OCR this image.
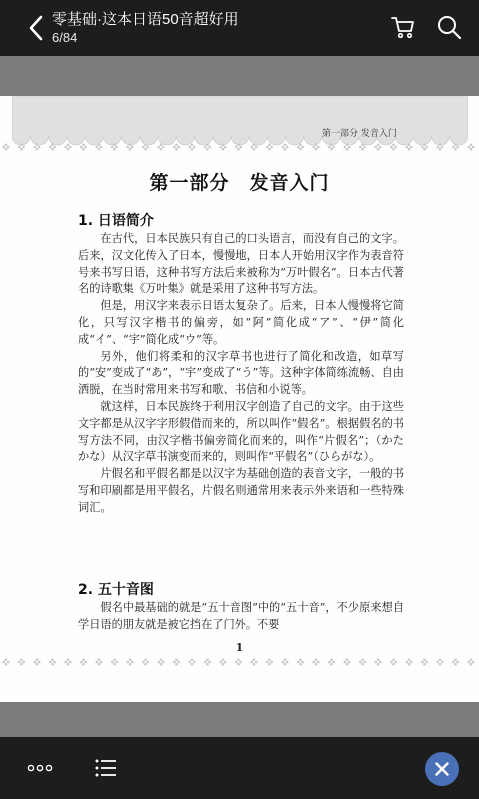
零基础·这本日语50音超好用
6/84
第一部分 发音入门
第一部分　发音入门
1. 日语简介

在古代，日本民族只有自己的口头语言，而没有自己的文字。后来，汉文化传入了日本，慢慢地，日本人开始用汉字作为表音符号来书写日语，这种书写方法后来被称为“万叶假名”。日本古代著名的诗歌集《万叶集》就是采用了这种书写方法。

但是，用汉字来表示日语太复杂了。后来，日本人慢慢将它简化，只写汉字楷书的偏旁，如“阿”简化成“ア”、“伊”简化成“イ”、“宇”简化成“ウ”等。

另外，他们将柔和的汉字草书也进行了简化和改造，如草写的“安”变成了“あ”，“宇”变成了“う”等。这种字体简练流畅、自由洒脱，在当时常用来书写和歌、书信和小说等。

就这样，日本民族终于利用汉字创造了自己的文字。由于这些文字都是从汉字字形假借而来的，所以叫作“假名”。根据假名的书写方法不同，由汉字楷书偏旁简化而来的，叫作“片假名”；（かたかな）从汉字草书演变而来的，则叫作“平假名”（ひらがな）。

片假名和平假名都是以汉字为基础创造的表音文字，一般的书写和印刷都是用平假名，片假名则通常用来表示外来语和一些特殊词汇。

2. 五十音图

假名中最基础的就是“五十音图”中的“五十音”，不少原来想自学日语的朋友就是被它挡在了门外。不要

1
